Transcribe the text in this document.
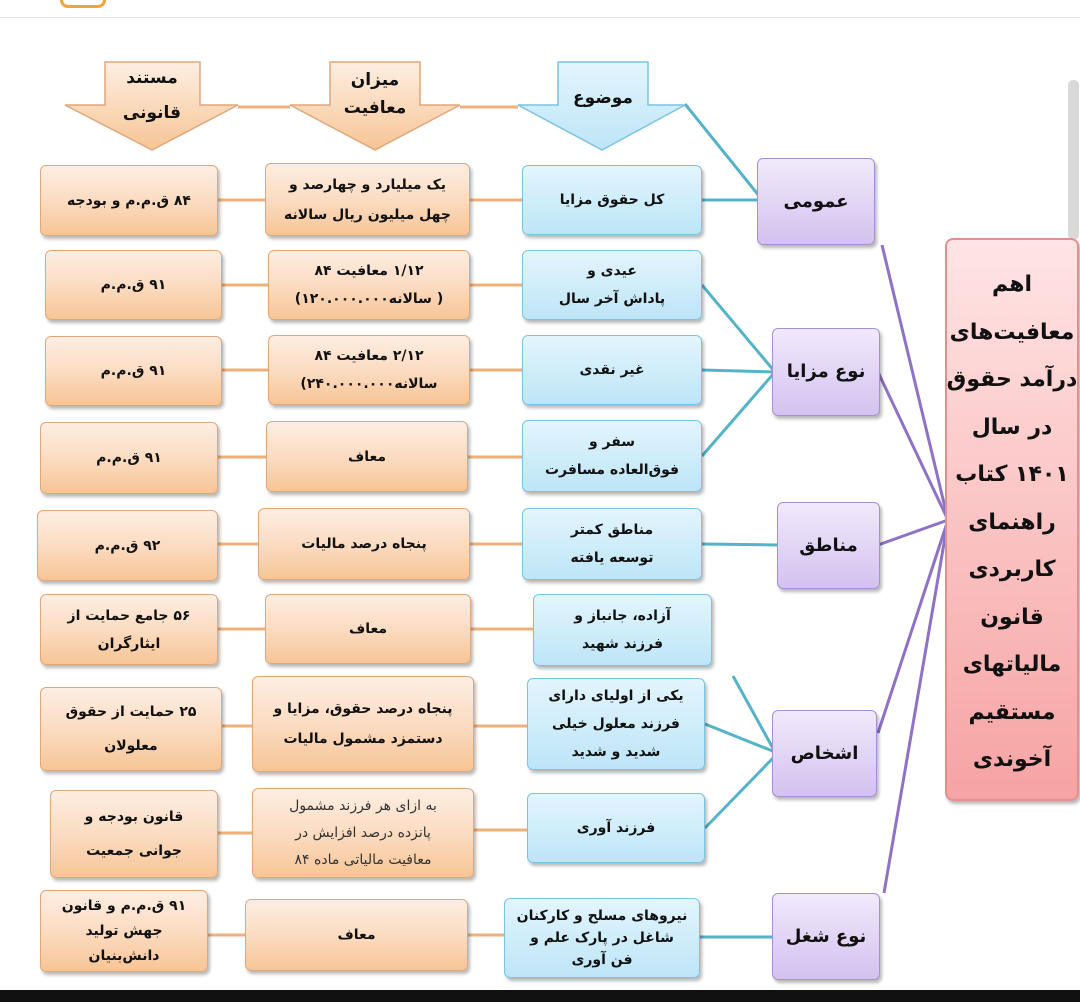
مستند
قانونی
میزان
معافیت	موضوع
۸۴ ق.م.م و بودجه
۹۱ ق.م.م
۹۱ ق.م.م
۹۱ ق.م.م
۹۲ ق.م.م
۵۶ جامع حمایت از
ایثارگران
۲۵ حمایت از حقوق
معلولان
قانون بودجه و
جوانی جمعیت
۹۱ ق.م.م و قانون
جهش تولید
دانش‌بنیان
یک میلیارد و چهارصد و
چهل میلیون ریال سالانه
۱/۱۲ معافیت ۸۴
( سالانه۱۲۰.۰۰۰.۰۰۰)
۲/۱۲ معافیت ۸۴
سالانه۲۴۰.۰۰۰.۰۰۰)
معاف
پنجاه درصد مالیات
معاف
پنجاه درصد حقوق، مزایا و
دستمزد مشمول مالیات
به ازای هر فرزند مشمول
پانزده درصد افزایش در
معافیت مالیاتی ماده ۸۴
معاف
کل حقوق مزایا
عیدی و
پاداش آخر سال
غیر نقدی
سفر و
فوق‌العاده مسافرت
مناطق کمتر
توسعه یافته
آزاده، جانباز و
فرزند شهید
یکی از اولیای دارای
فرزند معلول خیلی
شدید و شدید
فرزند آوری
نیروهای مسلح و کارکنان
شاغل در پارک علم و
فن آوری
عمومی
نوع مزایا
مناطق
اشخاص
نوع شغل
اهم
معافیت‌های
درآمد حقوق
در سال
۱۴۰۱ کتاب
راهنمای
کاربردی
قانون
مالیاتهای
مستقیم
آخوندی
